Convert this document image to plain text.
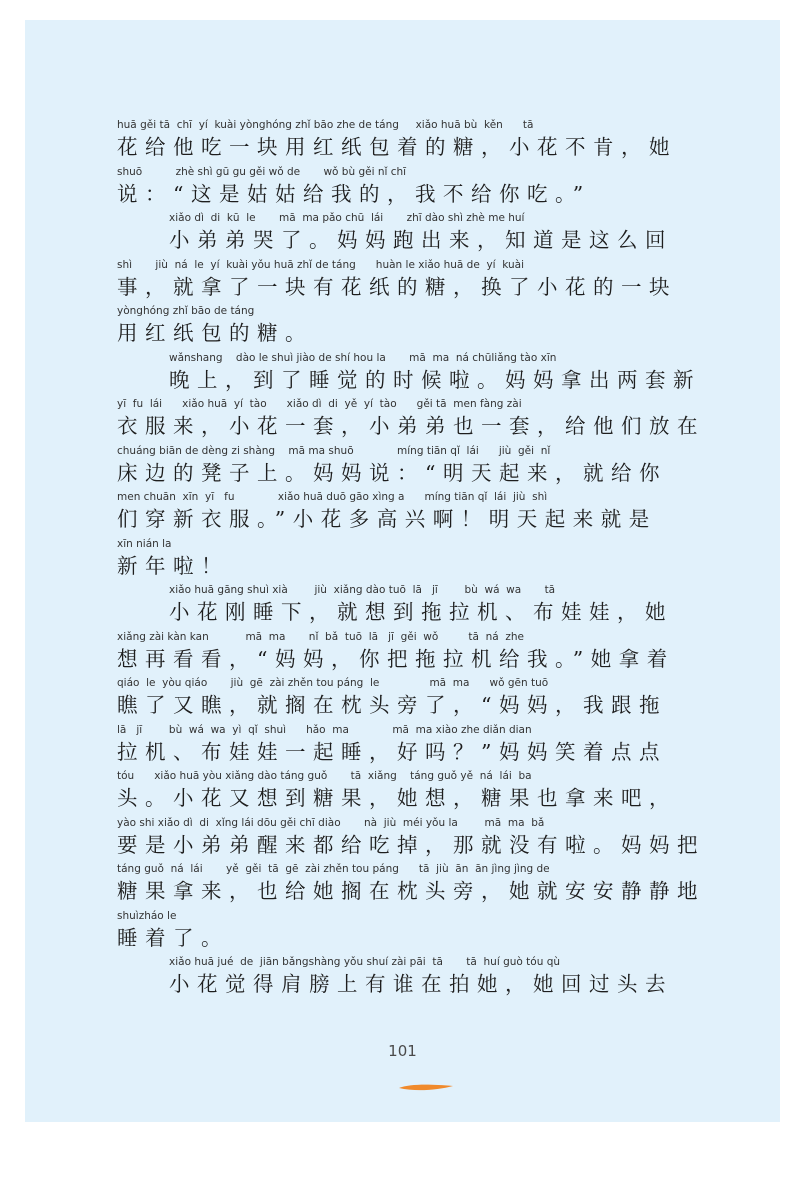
huā gěi tā  chī  yí  kuài yònghóng zhǐ bāo zhe de táng     xiǎo huā bù  kěn      tā
花给他吃一块用红纸包着的糖，小花不肯，她
shuō          zhè shì gū gu gěi wǒ de       wǒ bù gěi nǐ chī
说：“这是姑姑给我的，我不给你吃。”
xiǎo dì  di  kū  le       mā  ma pǎo chū  lái       zhī dào shì zhè me huí
小弟弟哭了。妈妈跑出来，知道是这么回
shì       jiù  ná  le  yí  kuài yǒu huā zhǐ de táng      huàn le xiǎo huā de  yí  kuài
事，就拿了一块有花纸的糖，换了小花的一块
yònghóng zhǐ bāo de táng
用红纸包的糖。
wǎnshang    dào le shuì jiào de shí hou la       mā  ma  ná chūliǎng tào xīn
晚上，到了睡觉的时候啦。妈妈拿出两套新
yī  fu  lái      xiǎo huā  yí  tào      xiǎo dì  di  yě  yí  tào      gěi tā  men fàng zài
衣服来，小花一套，小弟弟也一套，给他们放在
chuáng biān de dèng zi shàng    mā ma shuō             míng tiān qǐ  lái      jiù  gěi  nǐ
床边的凳子上。妈妈说：“明天起来，就给你
men chuān  xīn  yī   fu             xiǎo huā duō gāo xìng a      míng tiān qǐ  lái  jiù  shì
们穿新衣服。”小花多高兴啊！明天起来就是
xīn nián la
新年啦！
xiǎo huā gāng shuì xià        jiù  xiǎng dào tuō  lā   jī        bù  wá  wa       tā
小花刚睡下，就想到拖拉机、布娃娃，她
xiǎng zài kàn kan           mā  ma       nǐ  bǎ  tuō  lā   jī  gěi  wǒ         tā  ná  zhe
想再看看，“妈妈，你把拖拉机给我。”她拿着
qiáo  le  yòu qiáo       jiù  gē  zài zhěn tou páng  le               mā  ma      wǒ gēn tuō
瞧了又瞧，就搁在枕头旁了，“妈妈，我跟拖
lā   jī        bù  wá  wa  yì  qǐ  shuì      hǎo  ma             mā  ma xiào zhe diǎn dian
拉机、布娃娃一起睡，好吗？”妈妈笑着点点
tóu      xiǎo huā yòu xiǎng dào táng guǒ       tā  xiǎng    táng guǒ yě  ná  lái  ba
头。小花又想到糖果，她想，糖果也拿来吧，
yào shi xiǎo dì  di  xǐng lái dōu gěi chī diào       nà  jiù  méi yǒu la        mā  ma  bǎ
要是小弟弟醒来都给吃掉，那就没有啦。妈妈把
táng guǒ  ná  lái       yě  gěi  tā  gē  zài zhěn tou páng      tā  jiù  ān  ān jìng jìng de
糖果拿来，也给她搁在枕头旁，她就安安静静地
shuìzháo le
睡着了。
xiǎo huā jué  de  jiān bǎngshàng yǒu shuí zài pāi  tā       tā  huí guò tóu qù
小花觉得肩膀上有谁在拍她，她回过头去
101
